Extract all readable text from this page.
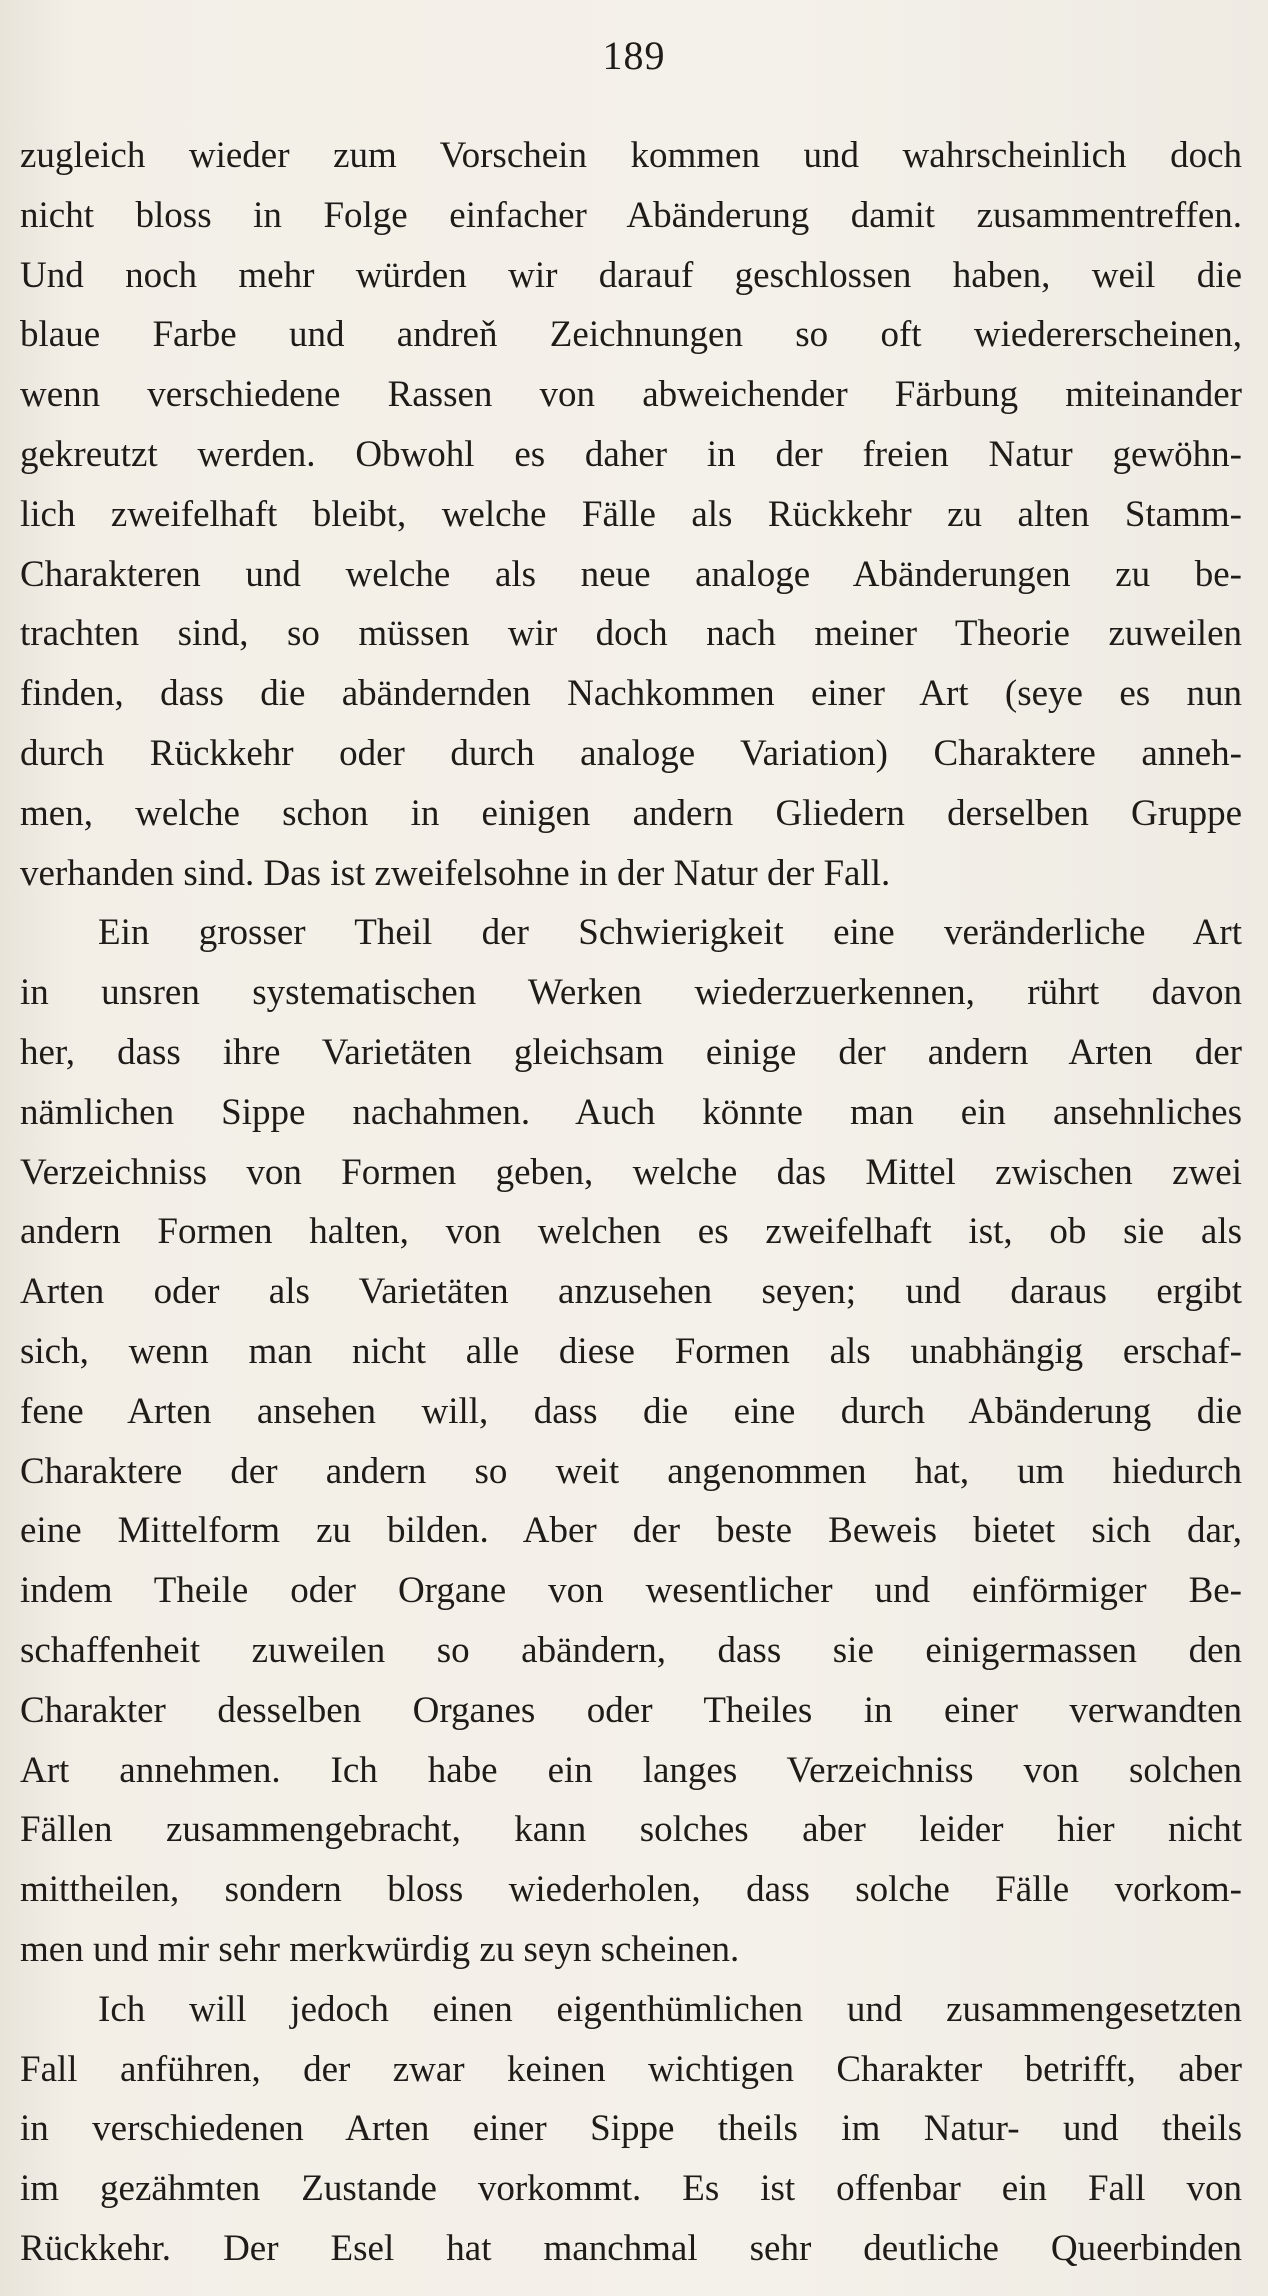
189
zugleich wieder zum Vorschein kommen und wahrscheinlich doch
nicht bloss in Folge einfacher Abänderung damit zusammentreffen.
Und noch mehr würden wir darauf geschlossen haben, weil die
blaue Farbe und andreň Zeichnungen so oft wiedererscheinen,
wenn verschiedene Rassen von abweichender Färbung miteinander
gekreutzt werden. Obwohl es daher in der freien Natur gewöhn-
lich zweifelhaft bleibt, welche Fälle als Rückkehr zu alten Stamm-
Charakteren und welche als neue analoge Abänderungen zu be-
trachten sind, so müssen wir doch nach meiner Theorie zuweilen
finden, dass die abändernden Nachkommen einer Art (seye es nun
durch Rückkehr oder durch analoge Variation) Charaktere anneh-
men, welche schon in einigen andern Gliedern derselben Gruppe
verhanden sind. Das ist zweifelsohne in der Natur der Fall.
Ein grosser Theil der Schwierigkeit eine veränderliche Art
in unsren systematischen Werken wiederzuerkennen, rührt davon
her, dass ihre Varietäten gleichsam einige der andern Arten der
nämlichen Sippe nachahmen. Auch könnte man ein ansehnliches
Verzeichniss von Formen geben, welche das Mittel zwischen zwei
andern Formen halten, von welchen es zweifelhaft ist, ob sie als
Arten oder als Varietäten anzusehen seyen; und daraus ergibt
sich, wenn man nicht alle diese Formen als unabhängig erschaf-
fene Arten ansehen will, dass die eine durch Abänderung die
Charaktere der andern so weit angenommen hat, um hiedurch
eine Mittelform zu bilden. Aber der beste Beweis bietet sich dar,
indem Theile oder Organe von wesentlicher und einförmiger Be-
schaffenheit zuweilen so abändern, dass sie einigermassen den
Charakter desselben Organes oder Theiles in einer verwandten
Art annehmen. Ich habe ein langes Verzeichniss von solchen
Fällen zusammengebracht, kann solches aber leider hier nicht
mittheilen, sondern bloss wiederholen, dass solche Fälle vorkom-
men und mir sehr merkwürdig zu seyn scheinen.
Ich will jedoch einen eigenthümlichen und zusammengesetzten
Fall anführen, der zwar keinen wichtigen Charakter betrifft, aber
in verschiedenen Arten einer Sippe theils im Natur- und theils
im gezähmten Zustande vorkommt. Es ist offenbar ein Fall von
Rückkehr. Der Esel hat manchmal sehr deutliche Queerbinden
